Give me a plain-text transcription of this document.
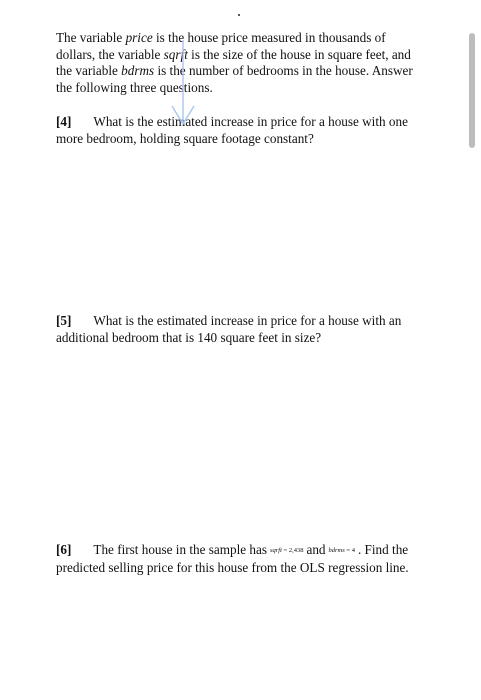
The variable price is the house price measured in thousands of dollars, the variable sqrft is the size of the house in square feet, and the variable bdrms is the number of bedrooms in the house. Answer the following three questions.
[4] What is the estimated increase in price for a house with one more bedroom, holding square footage constant?
[5] What is the estimated increase in price for a house with an additional bedroom that is 140 square feet in size?
[6] The first house in the sample has sqrft = 2,438 and bdrms = 4 . Find the predicted selling price for this house from the OLS regression line.
